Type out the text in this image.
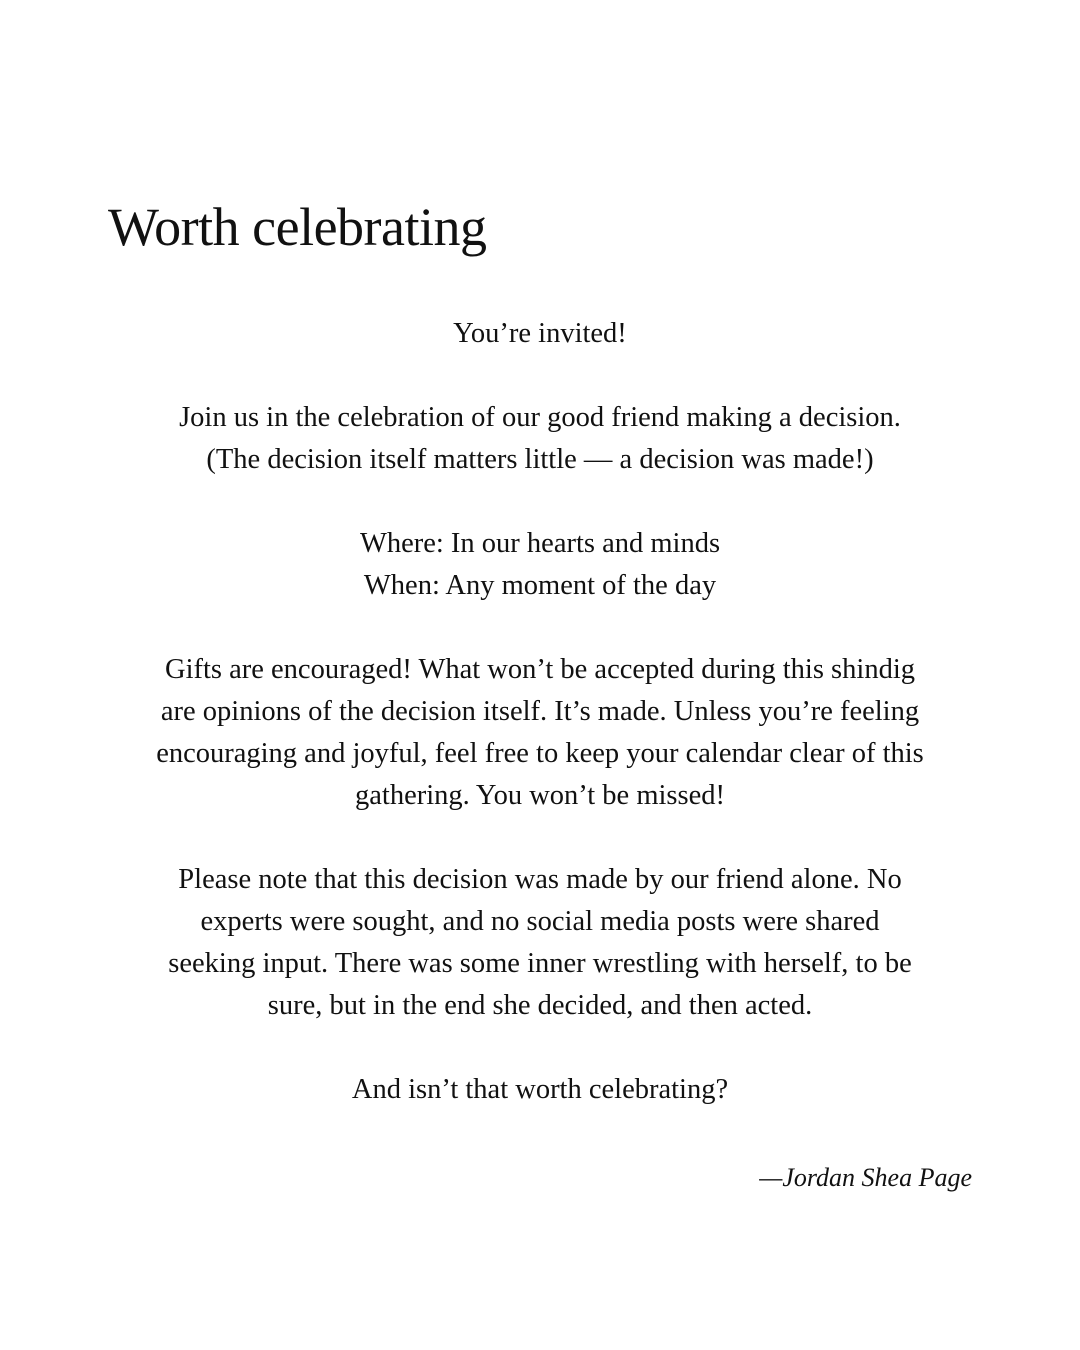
Worth celebrating

You’re invited!

Join us in the celebration of our good friend making a decision.
(The decision itself matters little — a decision was made!)

Where: In our hearts and minds
When: Any moment of the day

Gifts are encouraged! What won’t be accepted during this shindig
are opinions of the decision itself. It’s made. Unless you’re feeling
encouraging and joyful, feel free to keep your calendar clear of this
gathering. You won’t be missed!

Please note that this decision was made by our friend alone. No
experts were sought, and no social media posts were shared
seeking input. There was some inner wrestling with herself, to be
sure, but in the end she decided, and then acted.

And isn’t that worth celebrating?

—Jordan Shea Page
